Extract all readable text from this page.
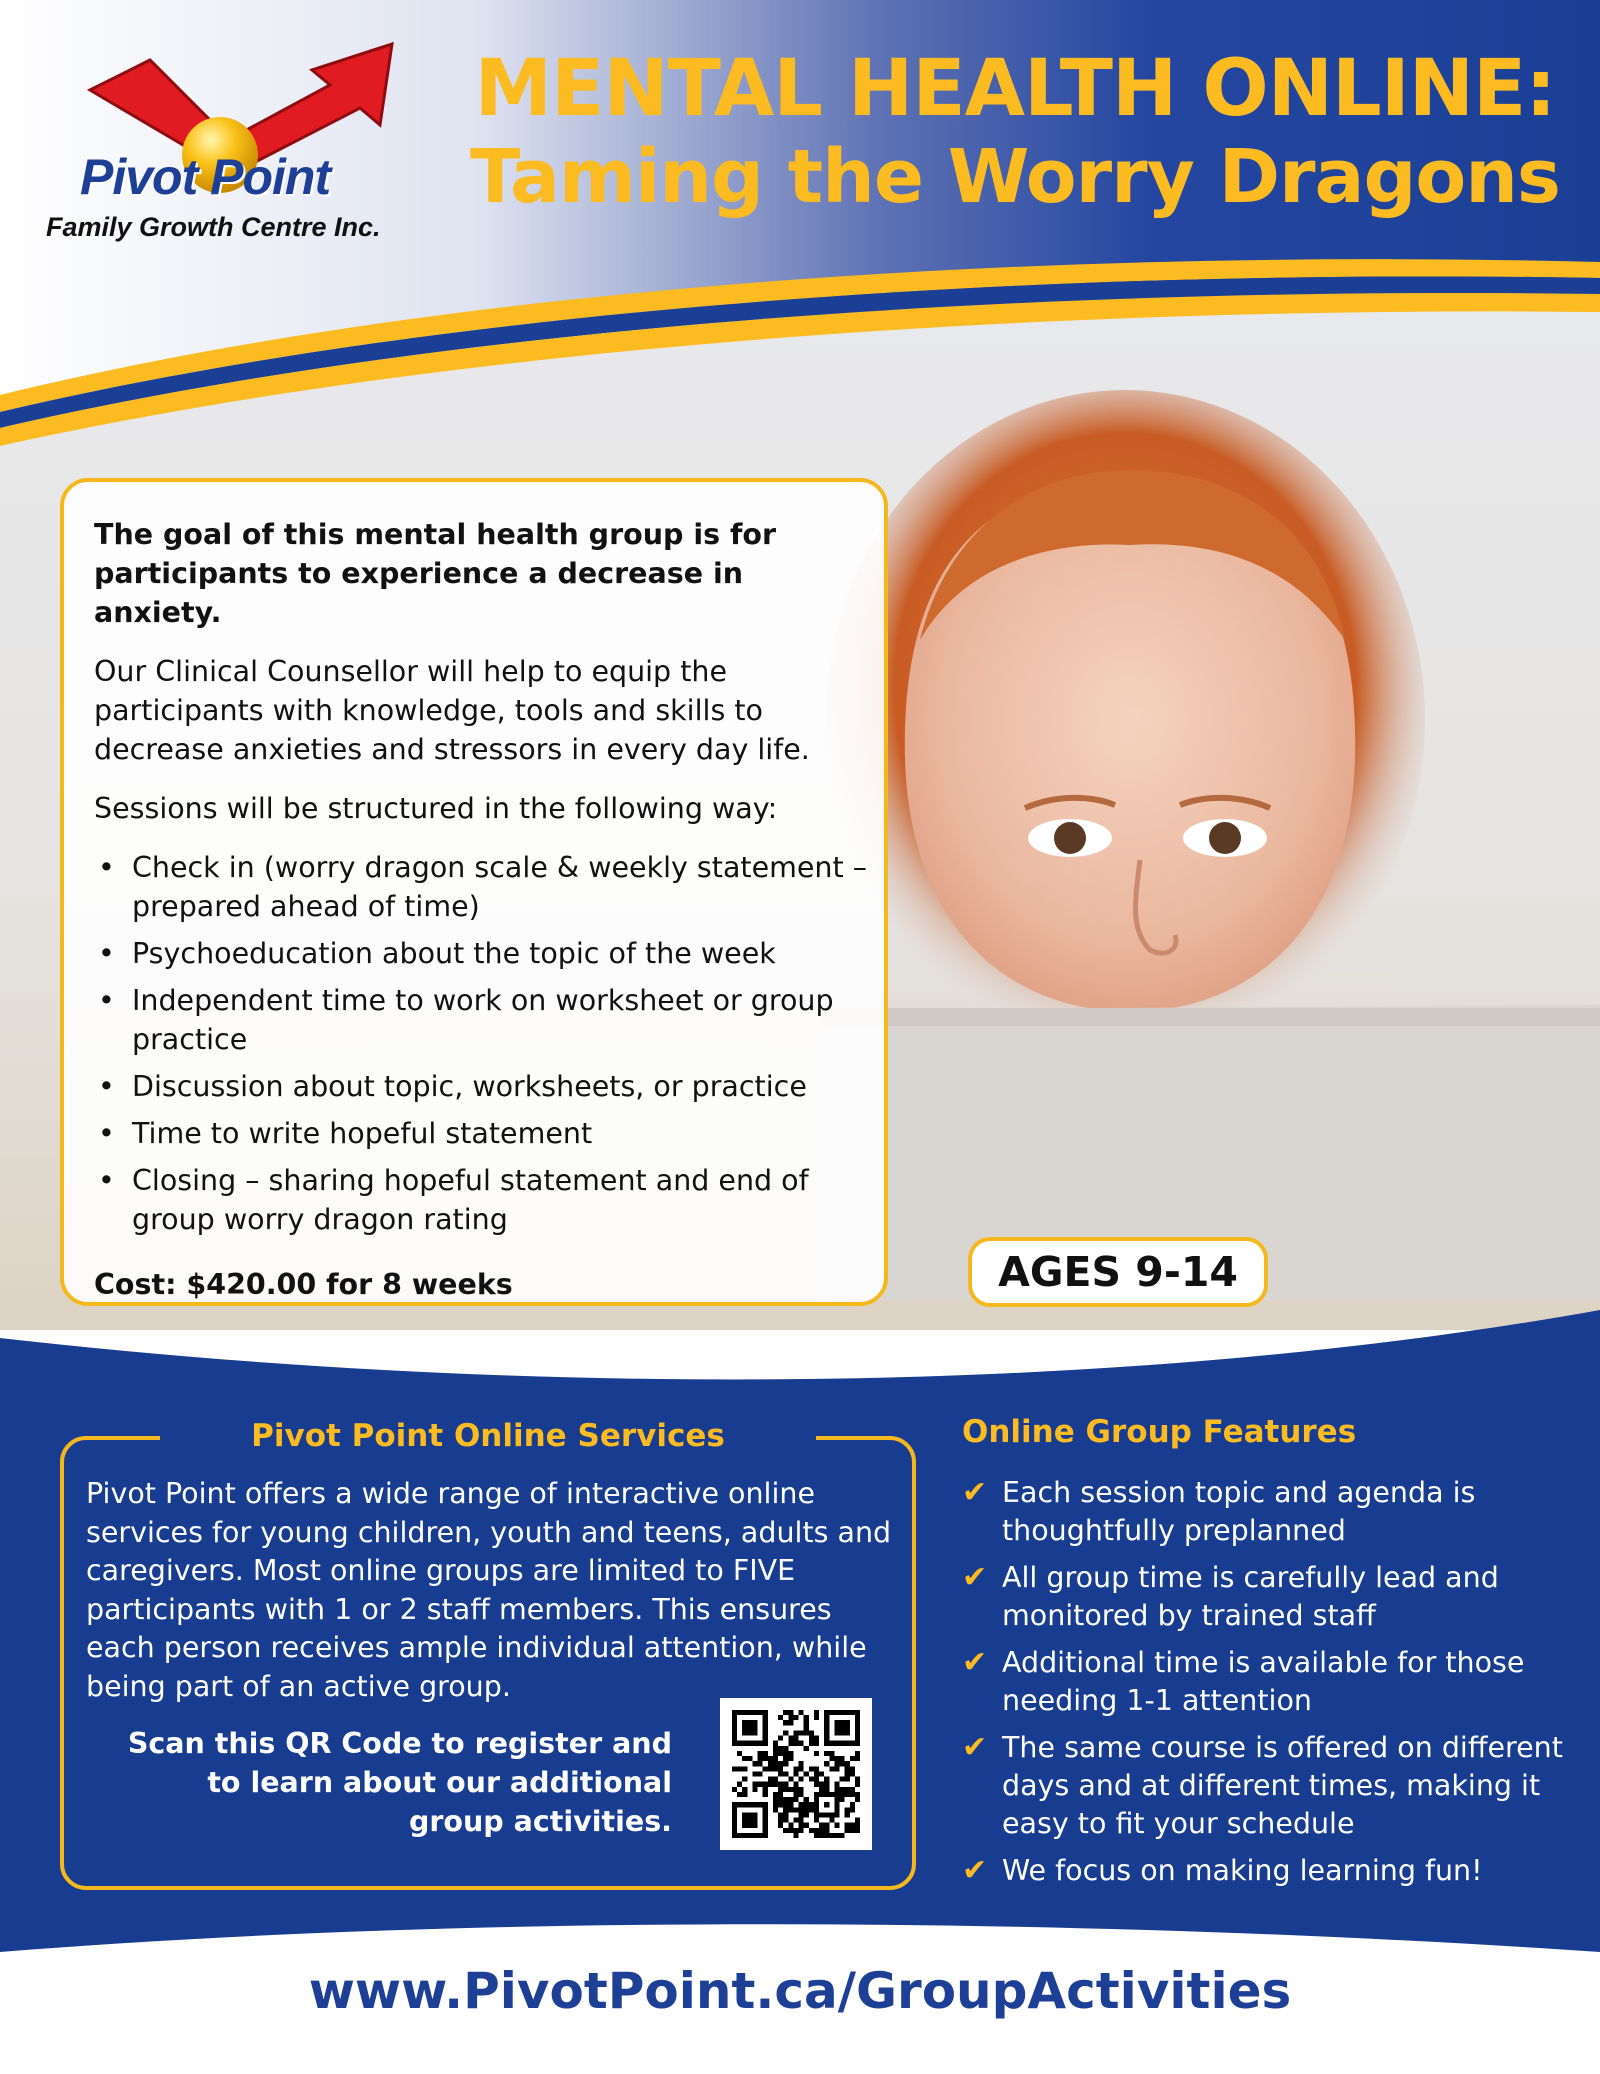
Pivot Point
Family Growth Centre Inc.
MENTAL HEALTH ONLINE:
Taming the Worry Dragons

The goal of this mental health group is for participants to experience a decrease in anxiety.

Our Clinical Counsellor will help to equip the participants with knowledge, tools and skills to decrease anxieties and stressors in every day life.

Sessions will be structured in the following way:

• Check in (worry dragon scale & weekly statement – prepared ahead of time)
• Psychoeducation about the topic of the week
• Independent time to work on worksheet or group practice
• Discussion about topic, worksheets, or practice
• Time to write hopeful statement
• Closing – sharing hopeful statement and end of group worry dragon rating

Cost: $420.00 for 8 weeks	AGES 9-14
Pivot Point Online Services

Pivot Point offers a wide range of interactive online services for young children, youth and teens, adults and caregivers. Most online groups are limited to FIVE participants with 1 or 2 staff members. This ensures each person receives ample individual attention, while being part of an active group.

Scan this QR Code to register and to learn about our additional group activities.

Online Group Features
✔ Each session topic and agenda is thoughtfully preplanned
✔ All group time is carefully lead and monitored by trained staff
✔ Additional time is available for those needing 1-1 attention
✔ The same course is offered on different days and at different times, making it easy to fit your schedule
✔ We focus on making learning fun!
www.PivotPoint.ca/GroupActivities
